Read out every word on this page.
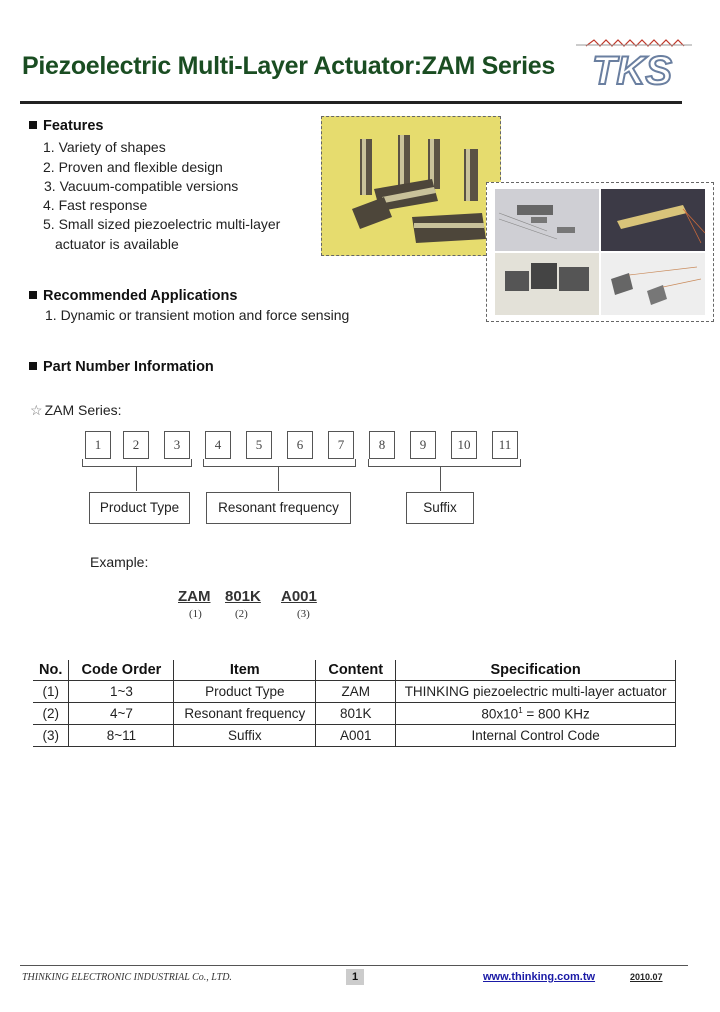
Piezoelectric Multi-Layer Actuator:ZAM Series TKS
Features
1. Variety of shapes
2. Proven and flexible design
3. Vacuum-compatible versions
4. Fast response
5. Small sized piezoelectric multi-layer
actuator is available
Recommended Applications
1. Dynamic or transient motion and force sensing
Part Number Information
☆ ZAM Series:
1	2	3	4	5	6	7	8	9	10	11
Product Type	Resonant frequency	Suffix
Example:
ZAM 801K A001
(1)	(2)	(3)
No.	Code Order	Item	Content	Specification
(1)	1~3	Product Type	ZAM	THINKING piezoelectric multi-layer actuator
(2)	4~7	Resonant frequency	801K	$80x10^1 = 800$ KHz
(3)	8~11	Suffix	A001	Internal Control Code
THINKING ELECTRONIC INDUSTRIAL Co., LTD.	1	www.thinking.com.tw	2010.07
